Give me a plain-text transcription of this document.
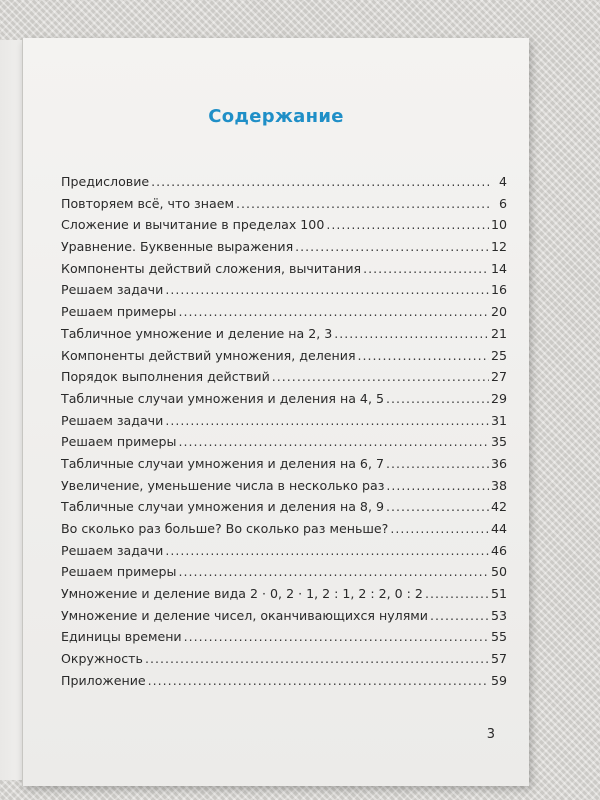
Содержание
Предисловие .....	4
Повторяем всё, что знаем .....	6
Сложение и вычитание в пределах 100 .....	10
Уравнение. Буквенные выражения .....	12
Компоненты действий сложения, вычитания .....	14
Решаем задачи .....	16
Решаем примеры .....	20
Табличное умножение и деление на 2, 3 .....	21
Компоненты действий умножения, деления .....	25
Порядок выполнения действий .....	27
Табличные случаи умножения и деления на 4, 5 .....	29
Решаем задачи .....	31
Решаем примеры .....	35
Табличные случаи умножения и деления на 6, 7 .....	36
Увеличение, уменьшение числа в несколько раз .....	38
Табличные случаи умножения и деления на 8, 9 .....	42
Во сколько раз больше? Во сколько раз меньше? .....	44
Решаем задачи .....	46
Решаем примеры .....	50
Умножение и деление вида 2 · 0, 2 · 1, 2 : 1, 2 : 2, 0 : 2 .....	51
Умножение и деление чисел, оканчивающихся нулями .....	53
Единицы времени .....	55
Окружность .....	57
Приложение .....	59
3
